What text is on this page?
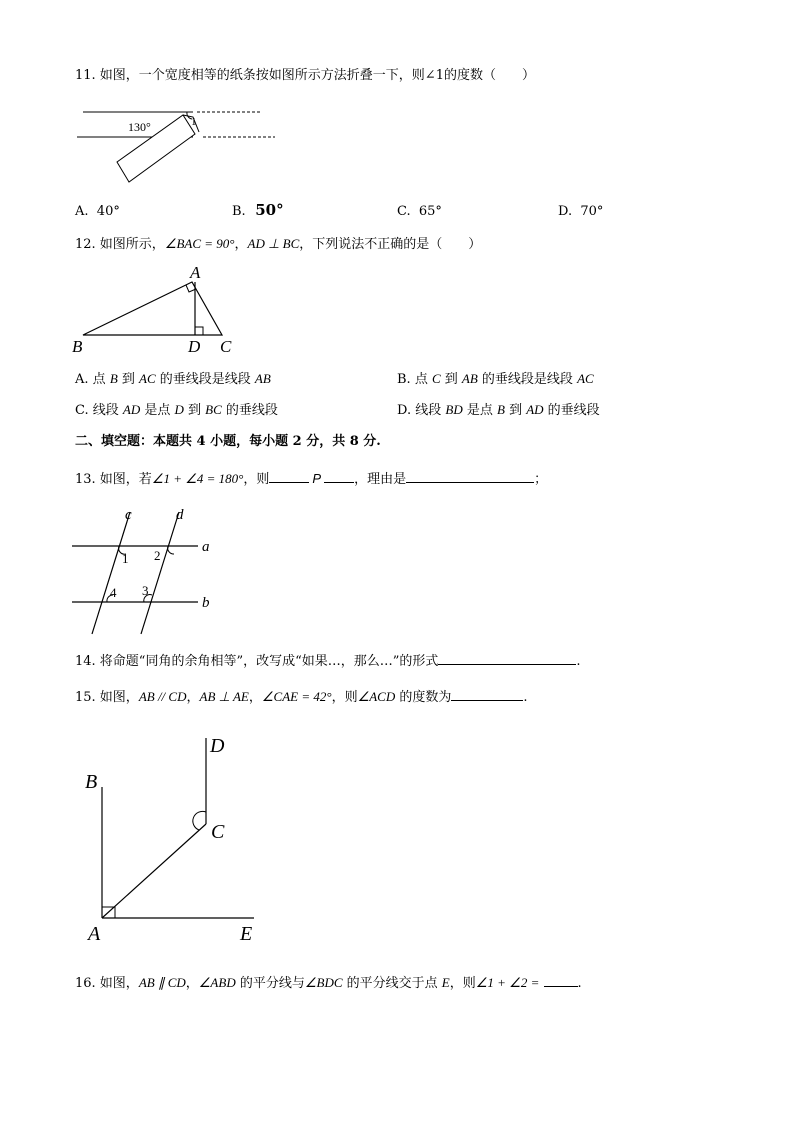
11. 如图，一个宽度相等的纸条按如图所示方法折叠一下，则∠1的度数（　　）
130°	1
A. 40°	B. 50°	C. 65°	D. 70°
12. 如图所示，∠BAC = 90°，AD ⊥ BC，下列说法不正确的是（　　）
A
B	D C
A. 点 B 到 AC 的垂线段是线段 AB	B. 点 C 到 AB 的垂线段是线段 AC
C. 线段 AD 是点 D 到 BC 的垂线段	D. 线段 BD 是点 B 到 AD 的垂线段
二、填空题：本题共 4 小题，每小题 2 分，共 8 分.
13. 如图，若∠1 + ∠4 = 180°，则	P	，理由是	；
c	d
a
b
1 2
3
4
14. 将命题“同角的余角相等”，改写成“如果…，那么…”的形式	.
15. 如图，AB // CD，AB ⊥ AE，∠CAE = 42°，则∠ACD 的度数为	.
B
D
C
A	E
16. 如图，AB ∥ CD，∠ABD 的平分线与∠BDC 的平分线交于点 E，则∠1 + ∠2 =	.
